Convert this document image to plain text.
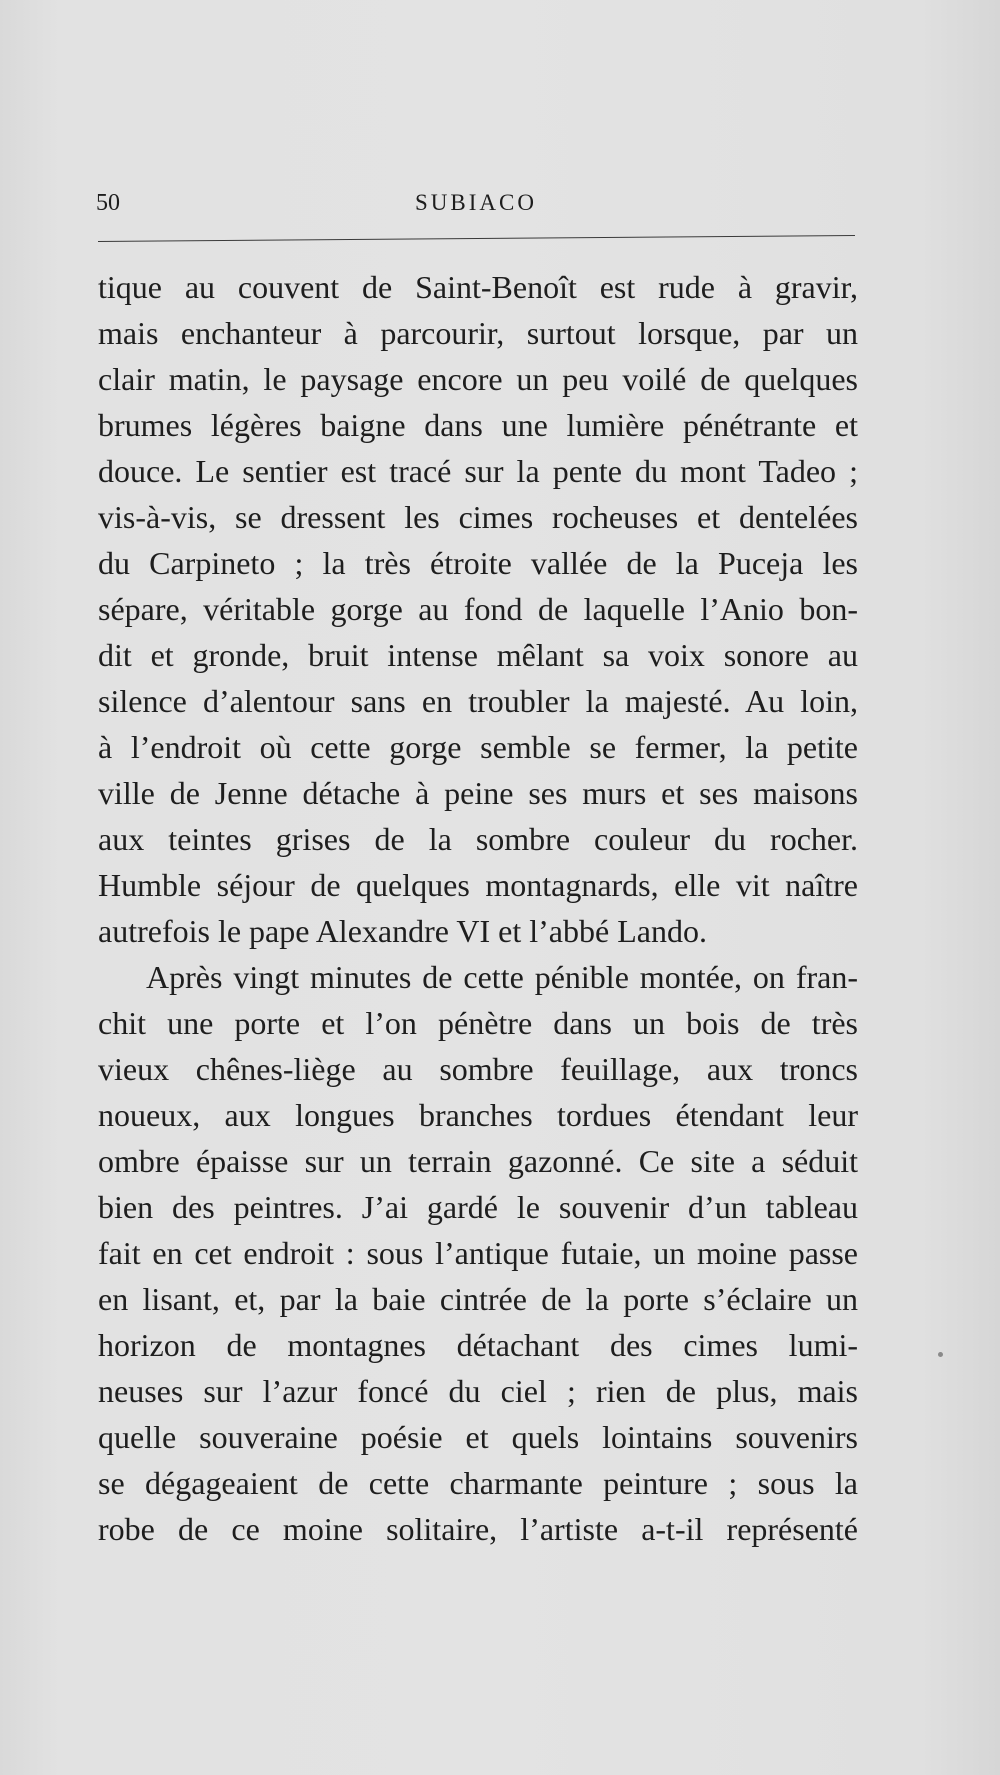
50	SUBIACO
tique au couvent de Saint-Benoît est rude à gravir,
mais enchanteur à parcourir, surtout lorsque, par un
clair matin, le paysage encore un peu voilé de quelques
brumes légères baigne dans une lumière pénétrante et
douce. Le sentier est tracé sur la pente du mont Tadeo ;
vis-à-vis, se dressent les cimes rocheuses et dentelées
du Carpineto ; la très étroite vallée de la Puceja les
sépare, véritable gorge au fond de laquelle l’Anio bon-
dit et gronde, bruit intense mêlant sa voix sonore au
silence d’alentour sans en troubler la majesté. Au loin,
à l’endroit où cette gorge semble se fermer, la petite
ville de Jenne détache à peine ses murs et ses maisons
aux teintes grises de la sombre couleur du rocher.
Humble séjour de quelques montagnards, elle vit naître
autrefois le pape Alexandre VI et l’abbé Lando.
Après vingt minutes de cette pénible montée, on fran-
chit une porte et l’on pénètre dans un bois de très
vieux chênes-liège au sombre feuillage, aux troncs
noueux, aux longues branches tordues étendant leur
ombre épaisse sur un terrain gazonné. Ce site a séduit
bien des peintres. J’ai gardé le souvenir d’un tableau
fait en cet endroit : sous l’antique futaie, un moine passe
en lisant, et, par la baie cintrée de la porte s’éclaire un
horizon de montagnes détachant des cimes lumi-
neuses sur l’azur foncé du ciel ; rien de plus, mais
quelle souveraine poésie et quels lointains souvenirs
se dégageaient de cette charmante peinture ; sous la
robe de ce moine solitaire, l’artiste a-t-il représenté
